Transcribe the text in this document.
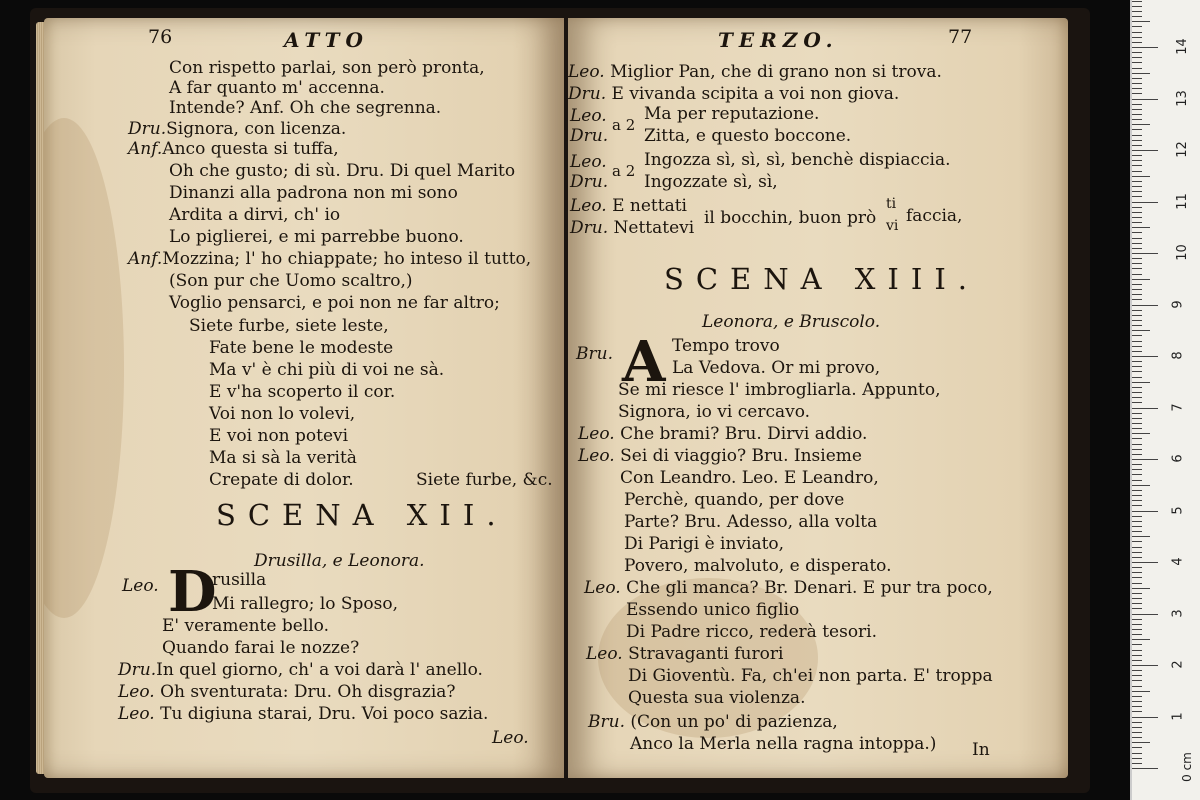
76	ATTO
Con rispetto parlai, son però pronta,
A far quanto m' accenna.
Intende? Anf. Oh che segrenna.
Dru.Signora, con licenza.
Anf.Anco questa si tuffa,
Oh che gusto; di sù. Dru. Di quel Marito
Dinanzi alla padrona non mi sono
Ardita a dirvi, ch' io
Lo piglierei, e mi parrebbe buono.
Anf.Mozzina; l' ho chiappate; ho inteso il tutto,
(Son pur che Uomo scaltro,)
Voglio pensarci, e poi non ne far altro;
Siete furbe, siete leste,
Fate bene le modeste
Ma v' è chi più di voi ne sà.
E v'ha scoperto il cor.
Voi non lo volevi,
E voi non potevi
Ma si sà la verità
Crepate di dolor.	Siete furbe, &c.
SCENA XII.
Drusilla, e Leonora.
Leo. D
rusilla
Mi rallegro; lo Sposo,
E' veramente bello.
Quando farai le nozze?
Dru.In quel giorno, ch' a voi darà l' anello.
Leo. Oh sventurata: Dru. Oh disgrazia?
Leo. Tu digiuna starai, Dru. Voi poco sazia.
Leo.
TERZO.	77
Leo. Miglior Pan, che di grano non si trova.
Dru. E vivanda scipita a voi non giova.
Leo.
Dru.
a 2
Ma per reputazione.
Zitta, e questo boccone.
Leo.
Dru.
a 2
Ingozza sì, sì, sì, benchè dispiaccia.
Ingozzate sì, sì,
Leo. E nettati
Dru. Nettatevi il bocchin, buon prò
ti
vi faccia,
SCENA XIII.
Leonora, e Bruscolo.
Bru. A Tempo trovo
La Vedova. Or mi provo,
Se mi riesce l' imbrogliarla. Appunto,
Signora, io vi cercavo.
Leo. Che brami? Bru. Dirvi addio.
Leo. Sei di viaggio? Bru. Insieme
Con Leandro. Leo. E Leandro,
Perchè, quando, per dove
Parte? Bru. Adesso, alla volta
Di Parigi è inviato,
Povero, malvoluto, e disperato.
Leo. Che gli manca? Br. Denari. E pur tra poco,
Essendo unico figlio
Di Padre ricco, rederà tesori.
Leo. Stravaganti furori
Di Gioventù. Fa, ch'ei non parta. E' troppa
Questa sua violenza.
Bru. (Con un po' di pazienza,
Anco la Merla nella ragna intoppa.) In
0 cm
1
2
3
4
5
6
7
8
9
10
11
12
13
14
